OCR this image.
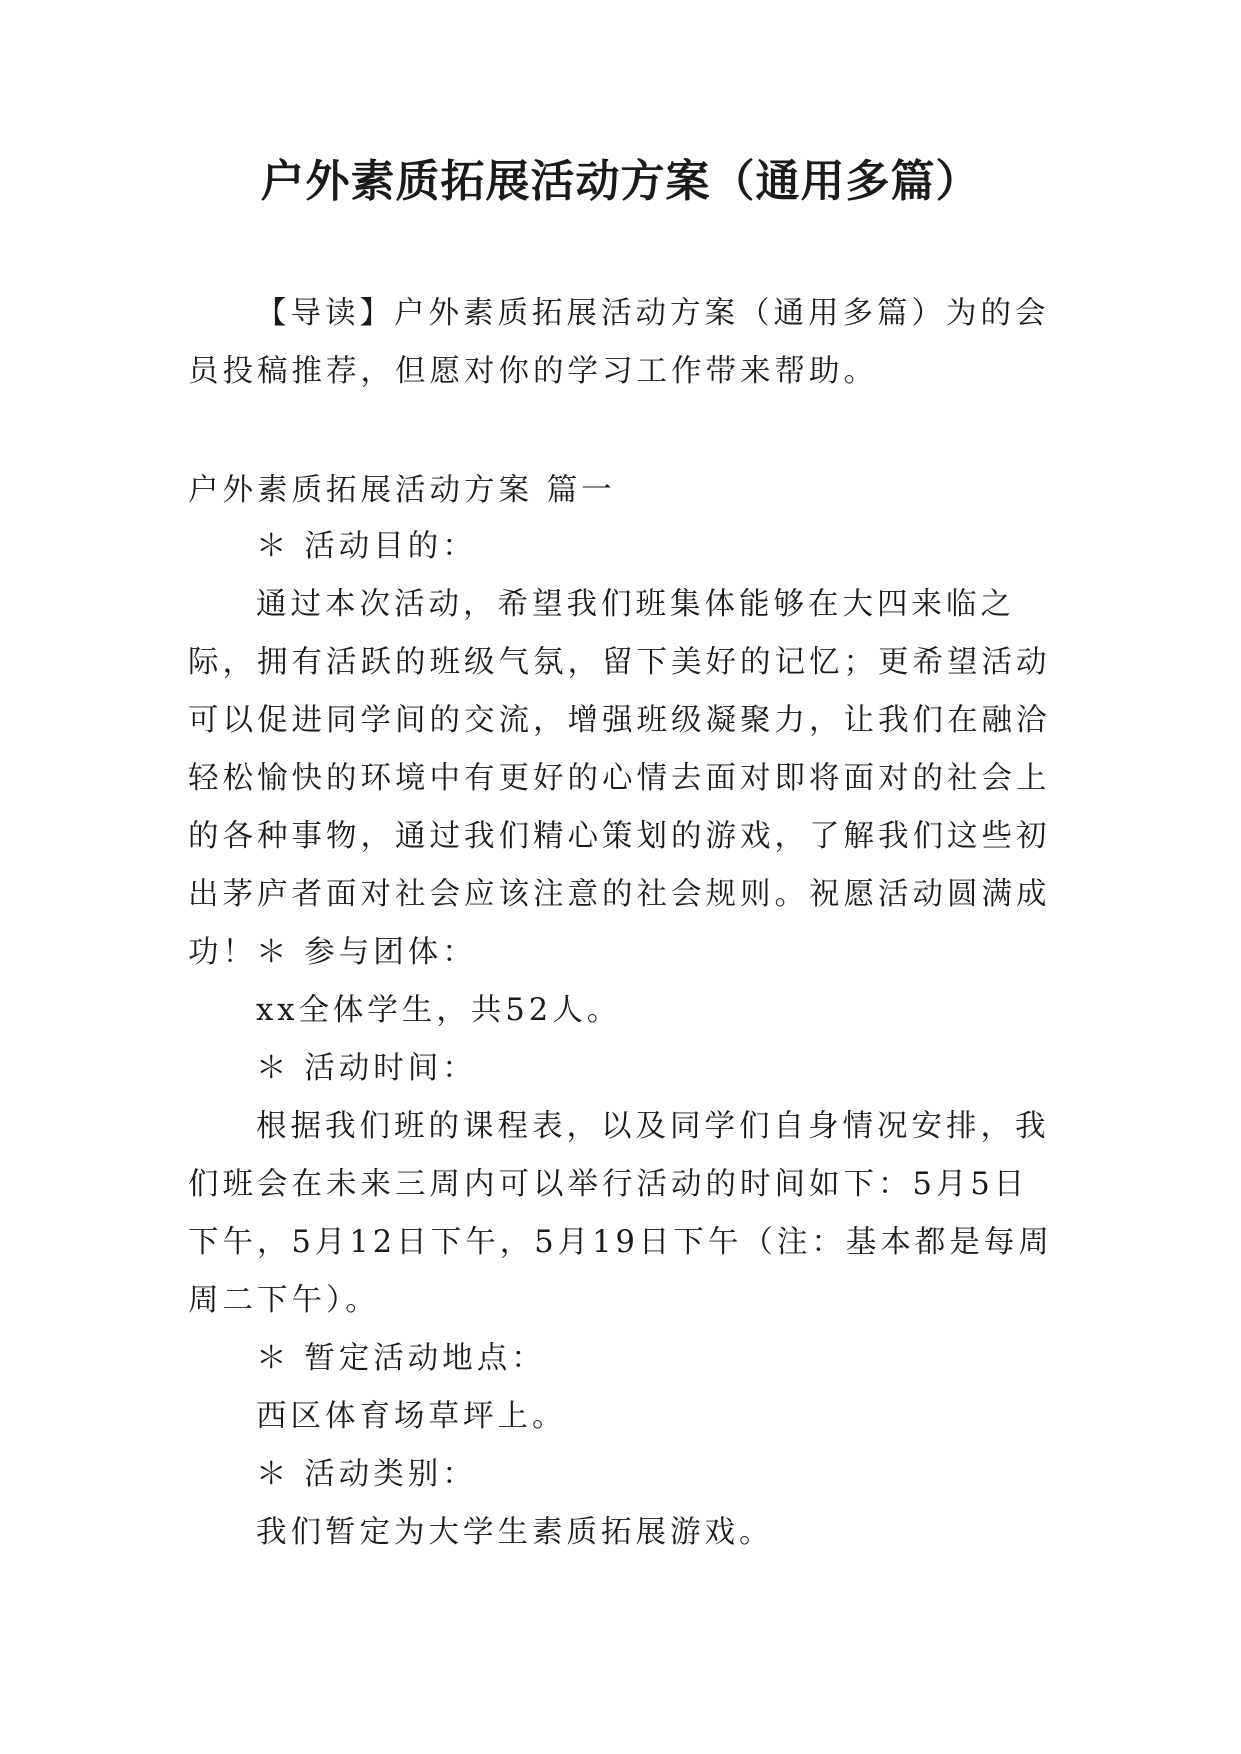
户外素质拓展活动方案（通用多篇）

【导读】户外素质拓展活动方案（通用多篇）为的会员投稿推荐，但愿对你的学习工作带来帮助。

户外素质拓展活动方案 篇一

＊ 活动目的：

通过本次活动，希望我们班集体能够在大四来临之际，拥有活跃的班级气氛，留下美好的记忆；更希望活动可以促进同学间的交流，增强班级凝聚力，让我们在融洽轻松愉快的环境中有更好的心情去面对即将面对的社会上的各种事物，通过我们精心策划的游戏，了解我们这些初出茅庐者面对社会应该注意的社会规则。祝愿活动圆满成功！ ＊ 参与团体：

xx全体学生，共52人。

＊ 活动时间：

根据我们班的课程表，以及同学们自身情况安排，我们班会在未来三周内可以举行活动的时间如下：5月5日下午，5月12日下午，5月19日下午（注：基本都是每周周二下午）。

＊ 暂定活动地点：

西区体育场草坪上。

＊ 活动类别：

我们暂定为大学生素质拓展游戏。
